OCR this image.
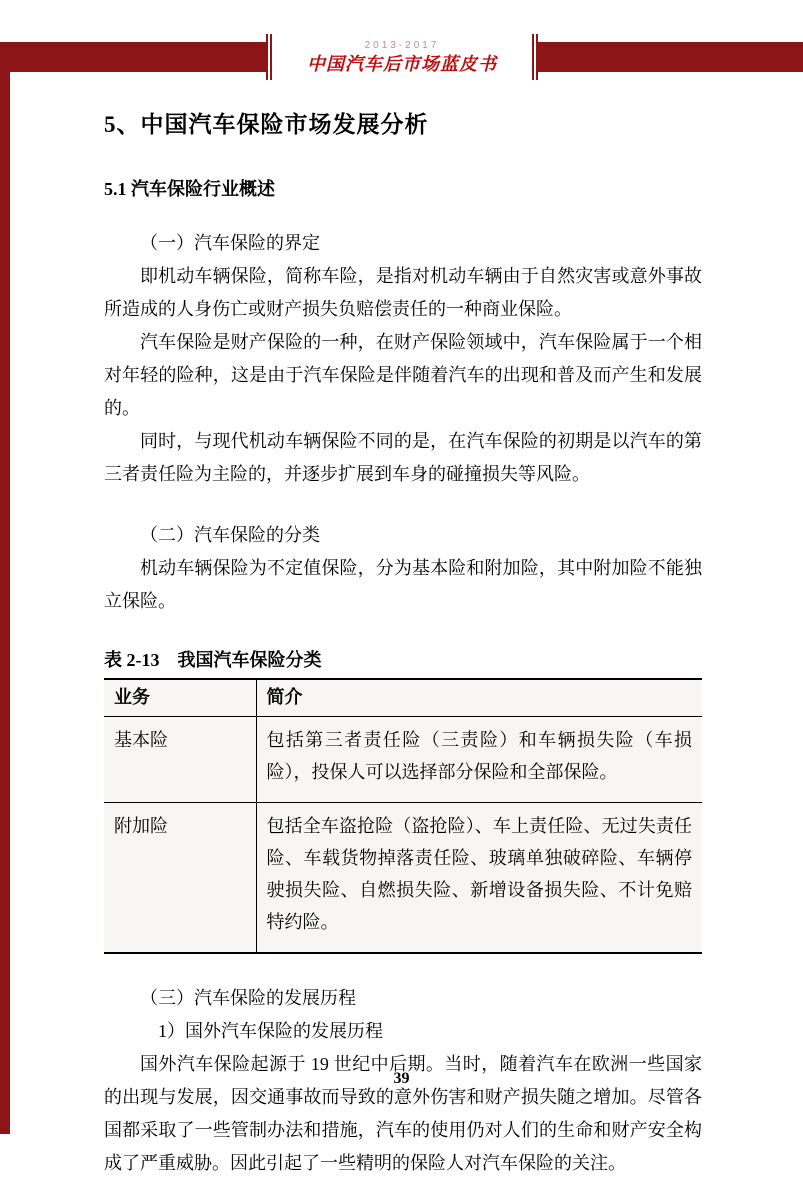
2013-2017
中国汽车后市场蓝皮书
5、中国汽车保险市场发展分析
5.1 汽车保险行业概述

（一）汽车保险的界定

即机动车辆保险，简称车险，是指对机动车辆由于自然灾害或意外事故所造成的人身伤亡或财产损失负赔偿责任的一种商业保险。

汽车保险是财产保险的一种，在财产保险领域中，汽车保险属于一个相对年轻的险种，这是由于汽车保险是伴随着汽车的出现和普及而产生和发展的。

同时，与现代机动车辆保险不同的是，在汽车保险的初期是以汽车的第三者责任险为主险的，并逐步扩展到车身的碰撞损失等风险。

（二）汽车保险的分类

机动车辆保险为不定值保险，分为基本险和附加险，其中附加险不能独立保险。

表 2-13　我国汽车保险分类

业务	简介
基本险	包括第三者责任险（三责险）和车辆损失险（车损险），投保人可以选择部分保险和全部保险。
附加险	包括全车盗抢险（盗抢险）、车上责任险、无过失责任险、车载货物掉落责任险、玻璃单独破碎险、车辆停驶损失险、自燃损失险、新增设备损失险、不计免赔特约险。

（三）汽车保险的发展历程

1）国外汽车保险的发展历程

国外汽车保险起源于 19 世纪中后期。当时，随着汽车在欧洲一些国家的出现与发展，因交通事故而导致的意外伤害和财产损失随之增加。尽管各国都采取了一些管制办法和措施，汽车的使用仍对人们的生命和财产安全构成了严重威胁。因此引起了一些精明的保险人对汽车保险的关注。

39
